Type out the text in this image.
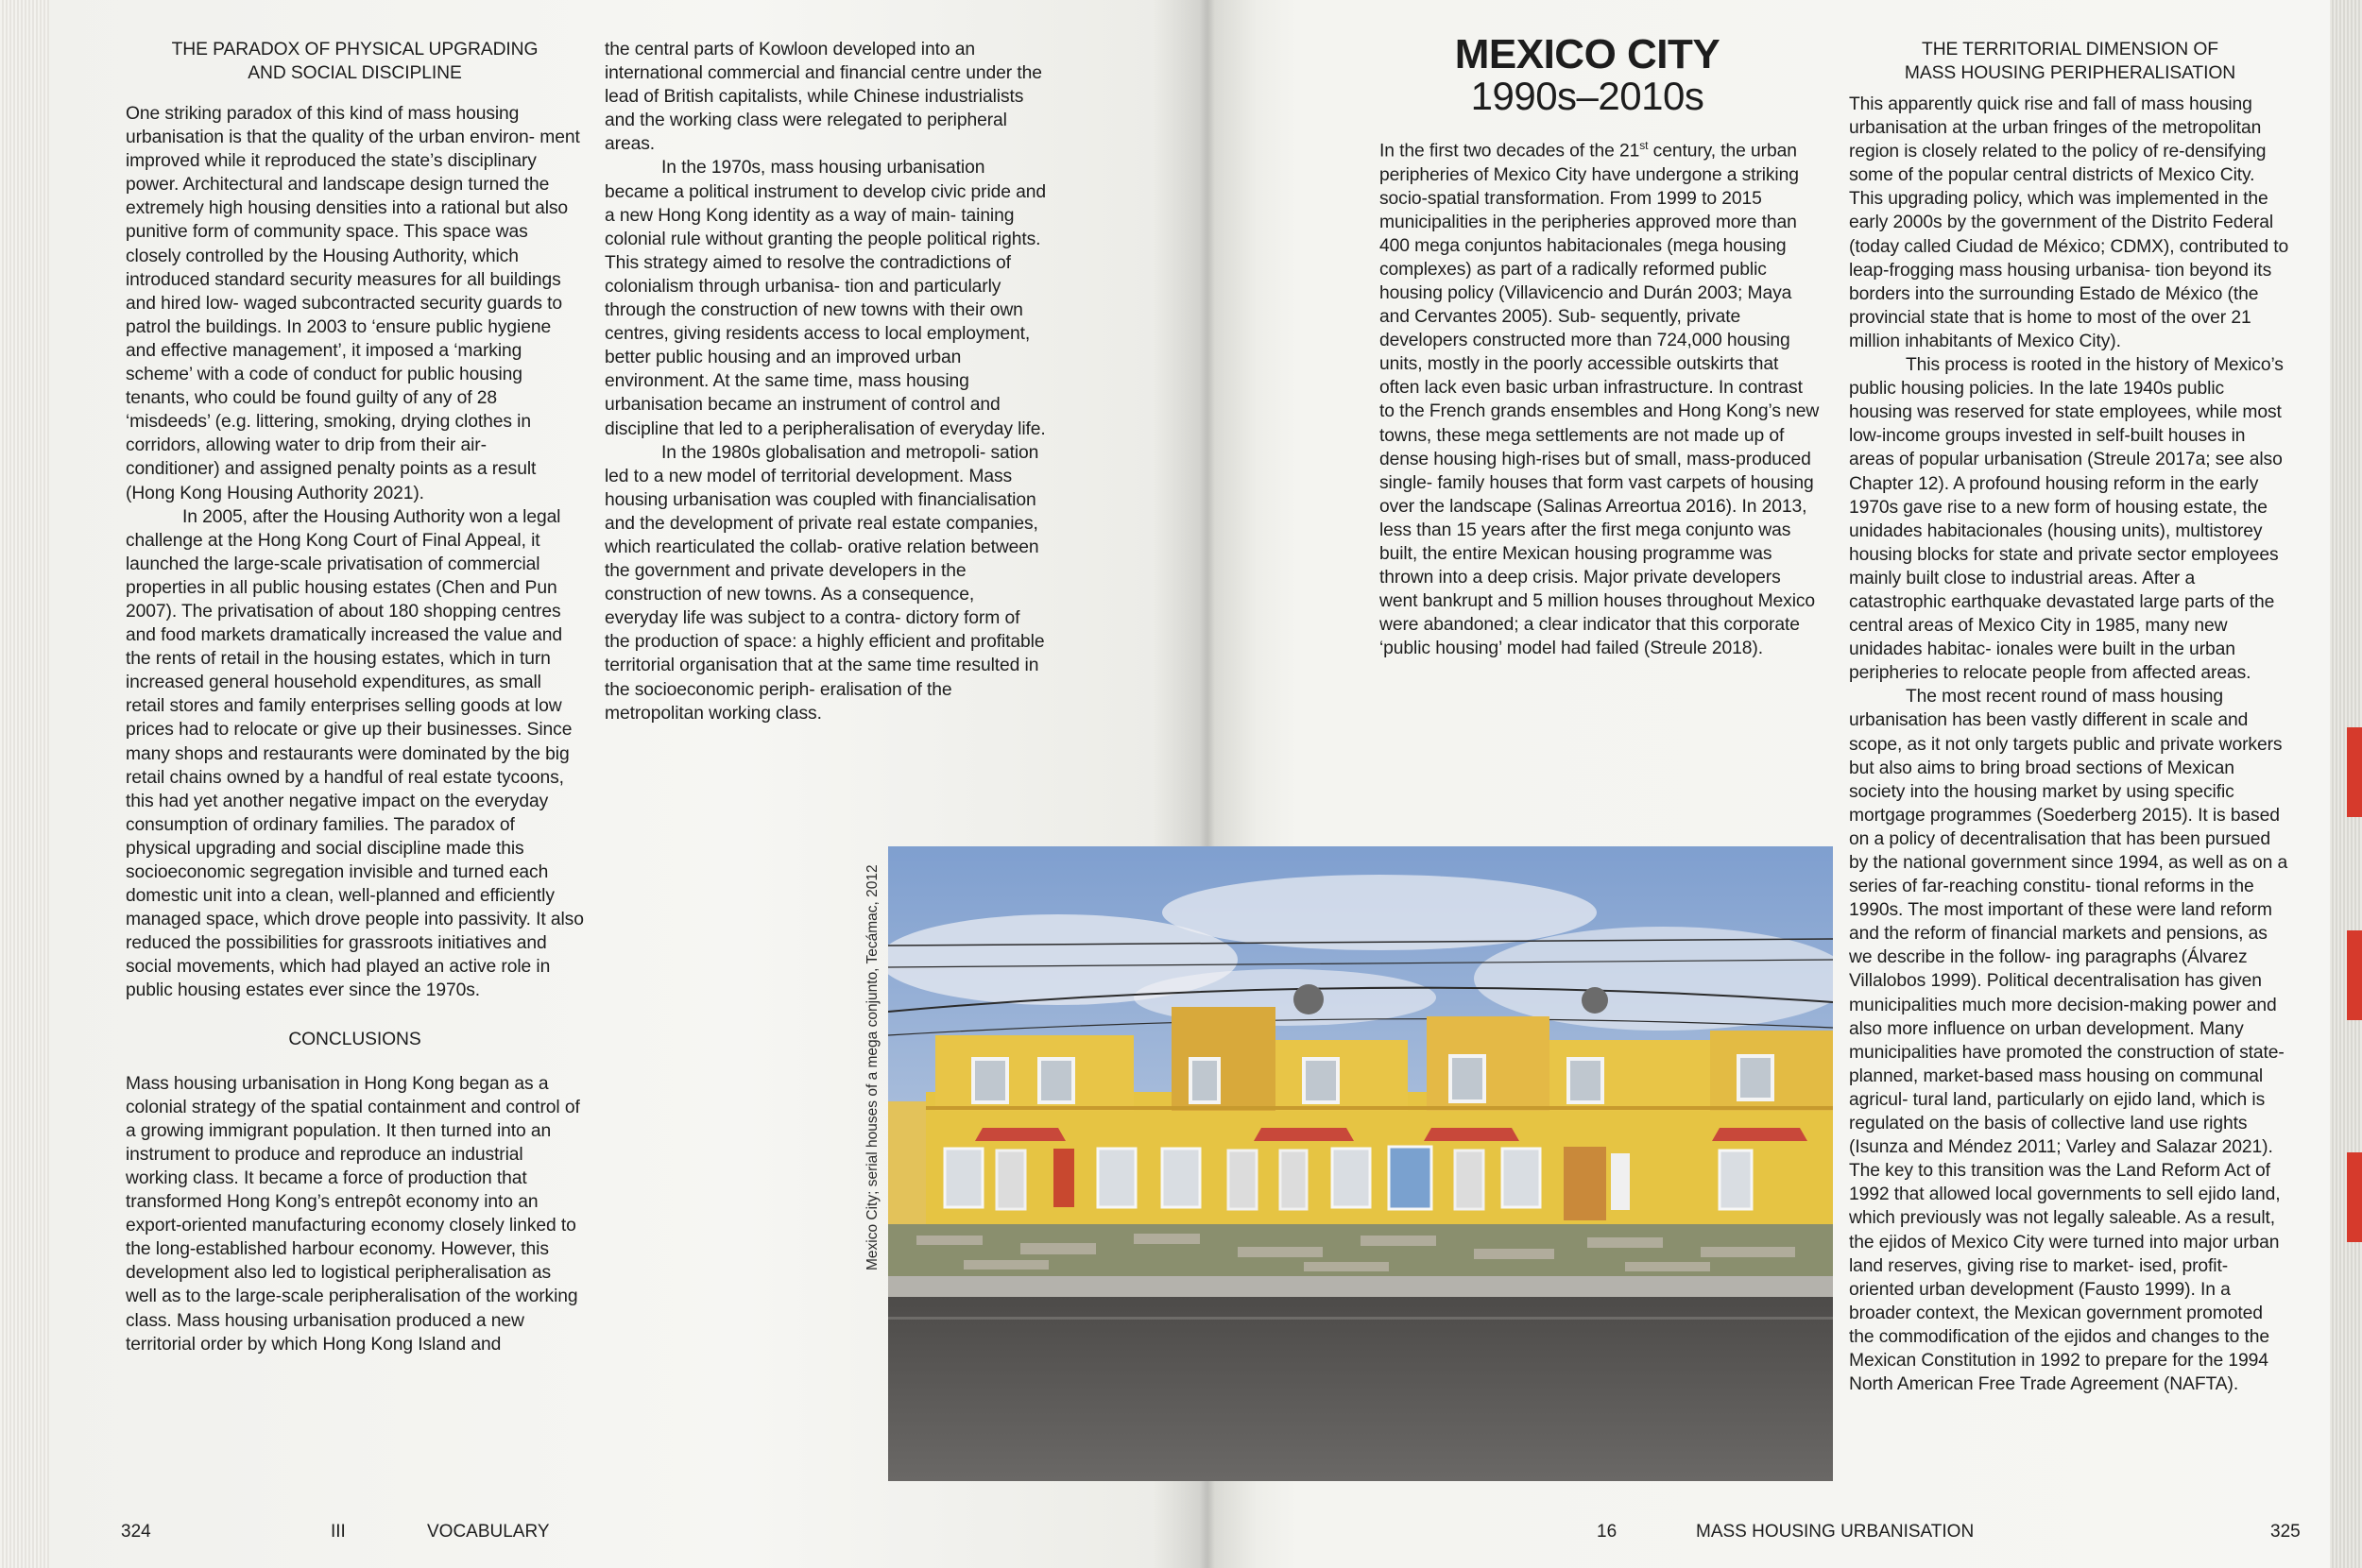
THE PARADOX OF PHYSICAL UPGRADING
AND SOCIAL DISCIPLINE

One striking paradox of this kind of mass housing urbanisation is that the quality of the urban environ- ment improved while it reproduced the state’s disciplinary power. Architectural and landscape design turned the extremely high housing densities into a rational but also punitive form of community space. This space was closely controlled by the Housing Authority, which introduced standard security measures for all buildings and hired low- waged subcontracted security guards to patrol the buildings. In 2003 to ‘ensure public hygiene and effective management’, it imposed a ‘marking scheme’ with a code of conduct for public housing tenants, who could be found guilty of any of 28 ‘misdeeds’ (e.g. littering, smoking, drying clothes in corridors, allowing water to drip from their air- conditioner) and assigned penalty points as a result (Hong Kong Housing Authority 2021).

In 2005, after the Housing Authority won a legal challenge at the Hong Kong Court of Final Appeal, it launched the large-scale privatisation of commercial properties in all public housing estates (Chen and Pun 2007). The privatisation of about 180 shopping centres and food markets dramatically increased the value and the rents of retail in the housing estates, which in turn increased general household expenditures, as small retail stores and family enterprises selling goods at low prices had to relocate or give up their businesses. Since many shops and restaurants were dominated by the big retail chains owned by a handful of real estate tycoons, this had yet another negative impact on the everyday consumption of ordinary families. The paradox of physical upgrading and social discipline made this socioeconomic segregation invisible and turned each domestic unit into a clean, well-planned and efficiently managed space, which drove people into passivity. It also reduced the possibilities for grassroots initiatives and social movements, which had played an active role in public housing estates ever since the 1970s.

CONCLUSIONS

Mass housing urbanisation in Hong Kong began as a colonial strategy of the spatial containment and control of a growing immigrant population. It then turned into an instrument to produce and reproduce an industrial working class. It became a force of production that transformed Hong Kong’s entrepôt economy into an export-oriented manufacturing economy closely linked to the long-established harbour economy. However, this development also led to logistical peripheralisation as well as to the large-scale peripheralisation of the working class. Mass housing urbanisation produced a new territorial order by which Hong Kong Island and

the central parts of Kowloon developed into an international commercial and financial centre under the lead of British capitalists, while Chinese industrialists and the working class were relegated to peripheral areas.

In the 1970s, mass housing urbanisation became a political instrument to develop civic pride and a new Hong Kong identity as a way of main- taining colonial rule without granting the people political rights. This strategy aimed to resolve the contradictions of colonialism through urbanisa- tion and particularly through the construction of new towns with their own centres, giving residents access to local employment, better public housing and an improved urban environment. At the same time, mass housing urbanisation became an instrument of control and discipline that led to a peripheralisation of everyday life.

In the 1980s globalisation and metropoli- sation led to a new model of territorial development. Mass housing urbanisation was coupled with financialisation and the development of private real estate companies, which rearticulated the collab- orative relation between the government and private developers in the construction of new towns. As a consequence, everyday life was subject to a contra- dictory form of the production of space: a highly efficient and profitable territorial organisation that at the same time resulted in the socioeconomic periph- eralisation of the metropolitan working class.

MEXICO CITY
1990s–2010s

In the first two decades of the 21st century, the urban peripheries of Mexico City have undergone a striking socio-spatial transformation. From 1999 to 2015 municipalities in the peripheries approved more than 400 mega conjuntos habitacionales (mega housing complexes) as part of a radically reformed public housing policy (Villavicencio and Durán 2003; Maya and Cervantes 2005). Sub- sequently, private developers constructed more than 724,000 housing units, mostly in the poorly accessible outskirts that often lack even basic urban infrastructure. In contrast to the French grands ensembles and Hong Kong’s new towns, these mega settlements are not made up of dense housing high-rises but of small, mass-produced single- family houses that form vast carpets of housing over the landscape (Salinas Arreortua 2016). In 2013, less than 15 years after the first mega conjunto was built, the entire Mexican housing programme was thrown into a deep crisis. Major private developers went bankrupt and 5 million houses throughout Mexico were abandoned; a clear indicator that this corporate ‘public housing’ model had failed (Streule 2018).

THE TERRITORIAL DIMENSION OF
MASS HOUSING PERIPHERALISATION

This apparently quick rise and fall of mass housing urbanisation at the urban fringes of the metropolitan region is closely related to the policy of re-densifying some of the popular central districts of Mexico City. This upgrading policy, which was implemented in the early 2000s by the government of the Distrito Federal (today called Ciudad de México; CDMX), contributed to leap-frogging mass housing urbanisa- tion beyond its borders into the surrounding Estado de México (the provincial state that is home to most of the over 21 million inhabitants of Mexico City).

This process is rooted in the history of Mexico’s public housing policies. In the late 1940s public housing was reserved for state employees, while most low-income groups invested in self-built houses in areas of popular urbanisation (Streule 2017a; see also Chapter 12). A profound housing reform in the early 1970s gave rise to a new form of housing estate, the unidades habitacionales (housing units), multistorey housing blocks for state and private sector employees mainly built close to industrial areas. After a catastrophic earthquake devastated large parts of the central areas of Mexico City in 1985, many new unidades habitac- ionales were built in the urban peripheries to relocate people from affected areas.

The most recent round of mass housing urbanisation has been vastly different in scale and scope, as it not only targets public and private workers but also aims to bring broad sections of Mexican society into the housing market by using specific mortgage programmes (Soederberg 2015). It is based on a policy of decentralisation that has been pursued by the national government since 1994, as well as on a series of far-reaching constitu- tional reforms in the 1990s. The most important of these were land reform and the reform of financial markets and pensions, as we describe in the follow- ing paragraphs (Álvarez Villalobos 1999). Political decentralisation has given municipalities much more decision-making power and also more influence on urban development. Many municipalities have promoted the construction of state-planned, market-based mass housing on communal agricul- tural land, particularly on ejido land, which is regulated on the basis of collective land use rights (Isunza and Méndez 2011; Varley and Salazar 2021). The key to this transition was the Land Reform Act of 1992 that allowed local governments to sell ejido land, which previously was not legally saleable. As a result, the ejidos of Mexico City were turned into major urban land reserves, giving rise to market- ised, profit-oriented urban development (Fausto 1999). In a broader context, the Mexican government promoted the commodification of the ejidos and changes to the Mexican Constitution in 1992 to prepare for the 1994 North American Free Trade Agreement (NAFTA).

Mexico City; serial houses of a mega conjunto, Tecámac, 2012
324	III	VOCABULARY	16	MASS HOUSING URBANISATION	325
